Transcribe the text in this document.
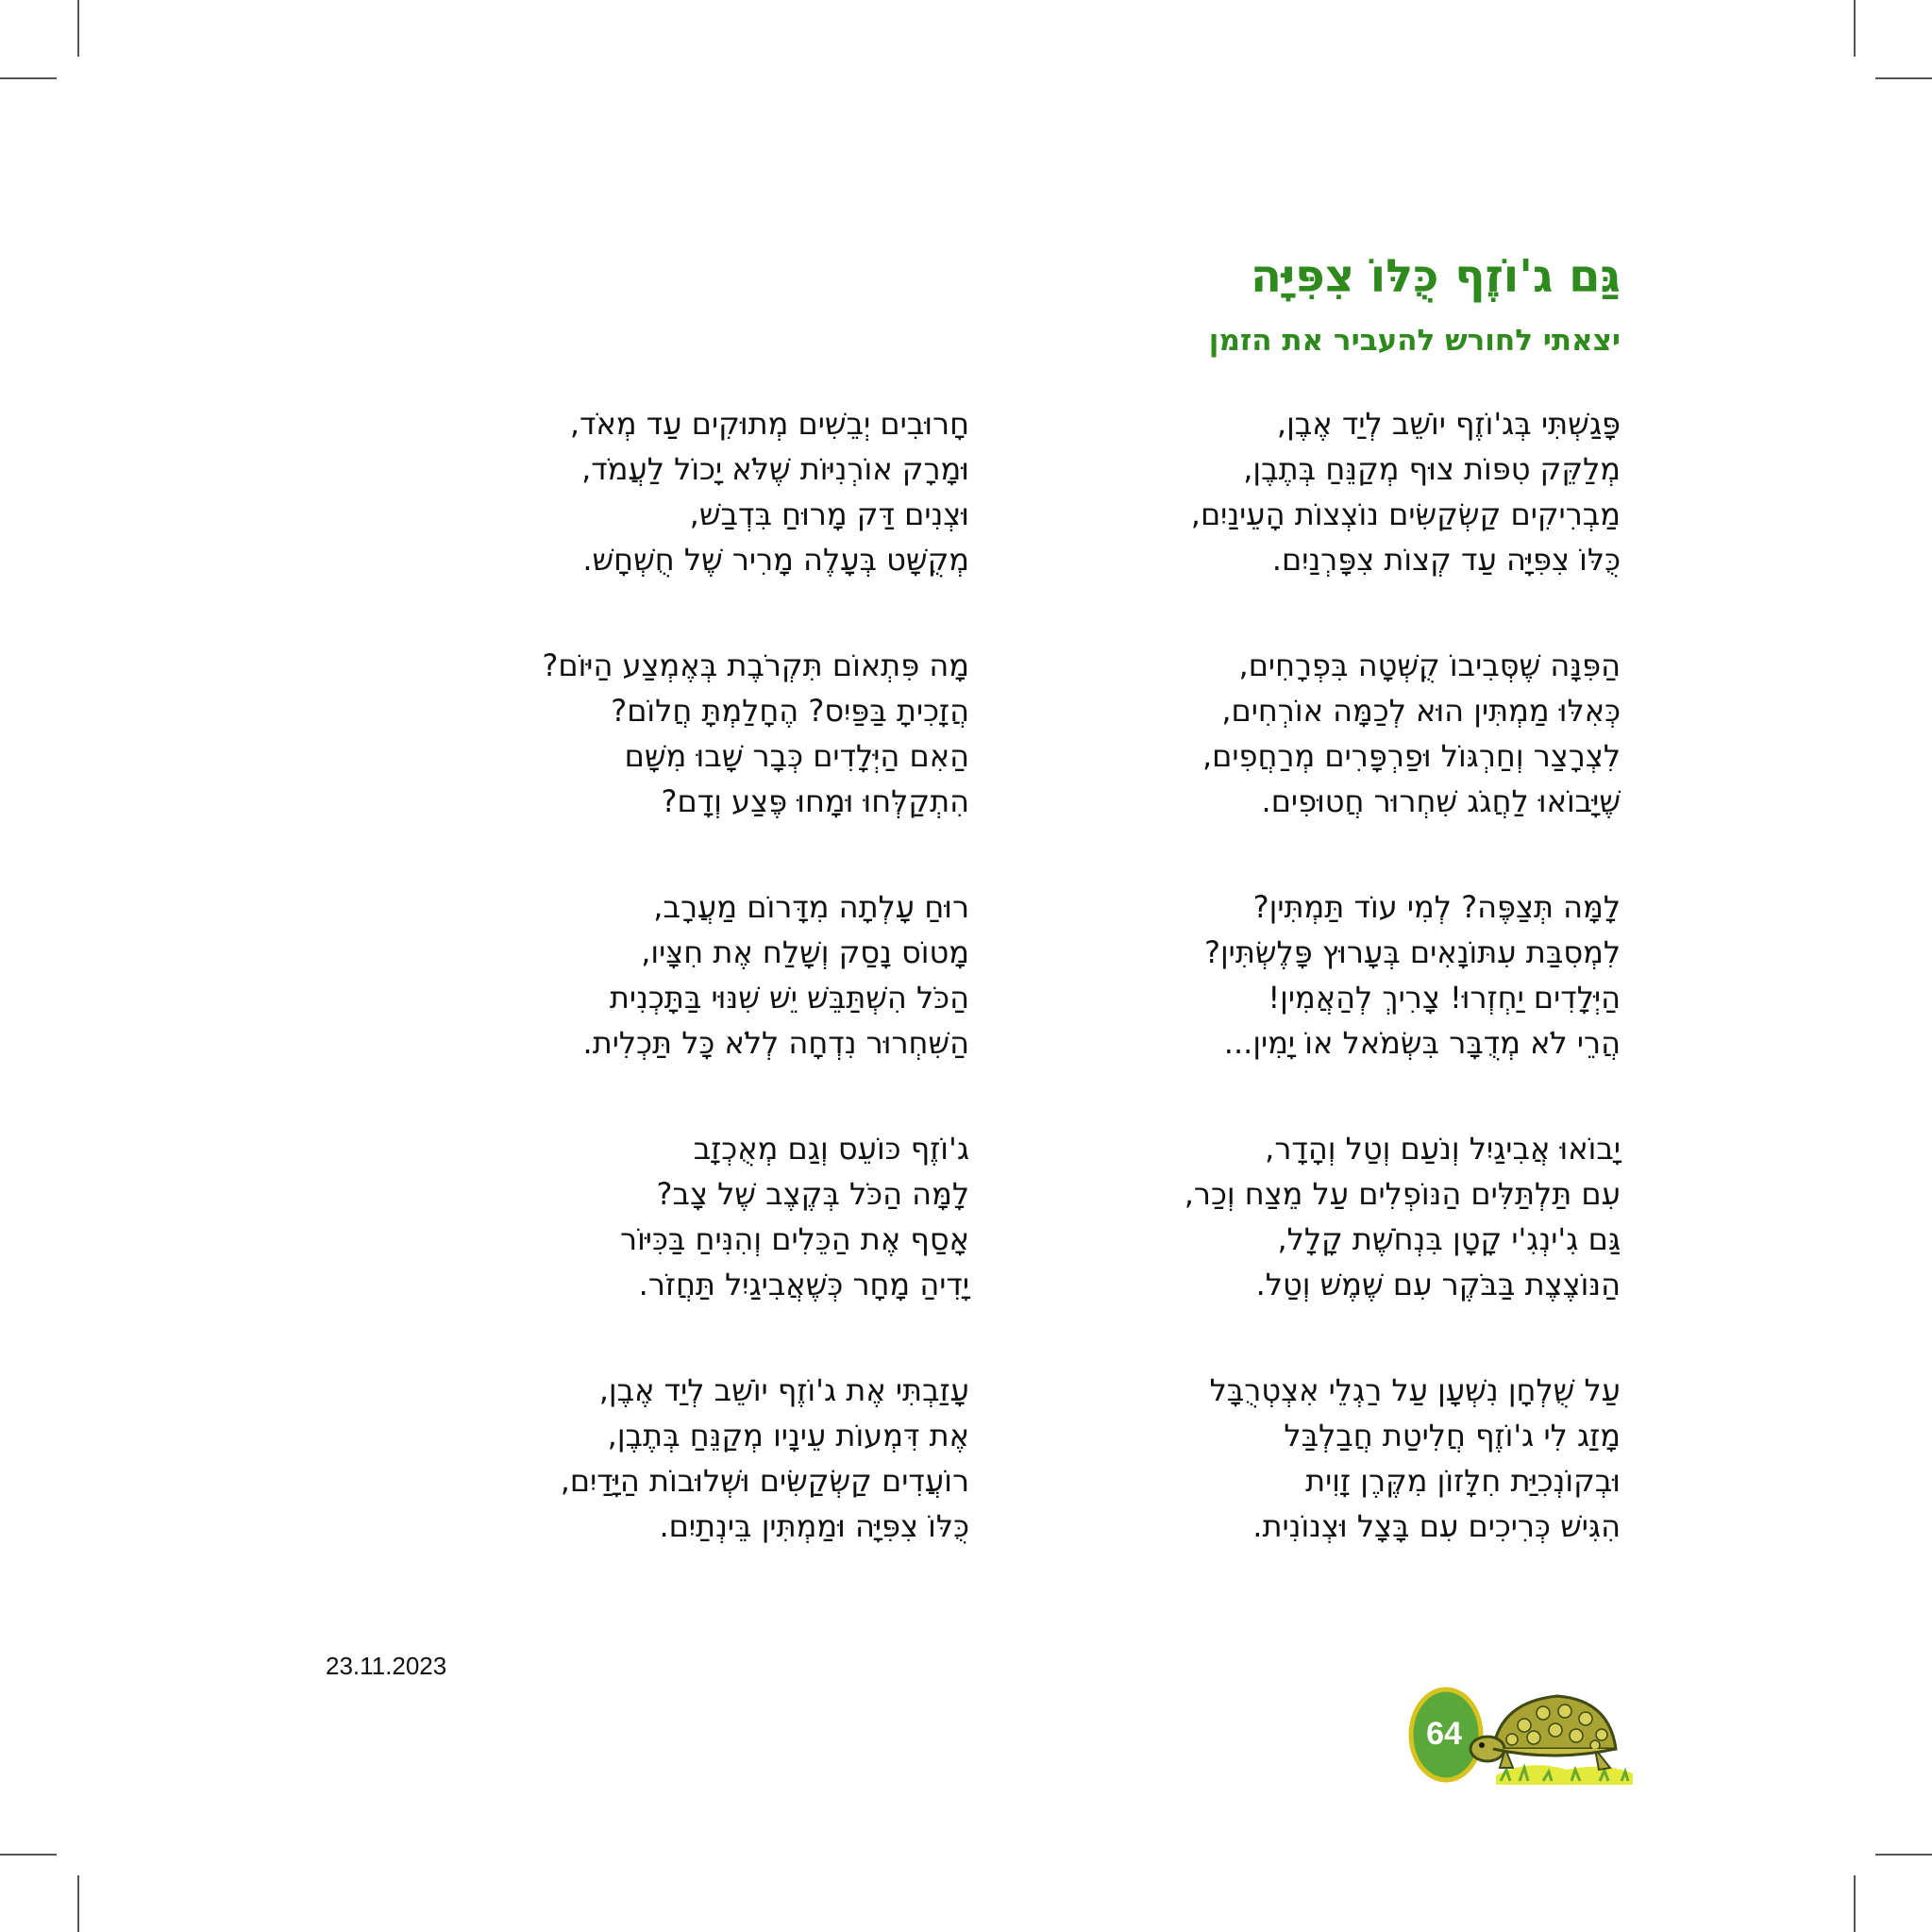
גַּם ג'וֹזֶף כֻּלּוֹ צִפִּיָּה
יצאתי לחורש להעביר את הזמן
פָּגַשְׁתִּי בְּג'וֹזֶף יוֹשֵׁב לְיַד אֶבֶן,
מְלַקֵּק טִפּוֹת צוּף מְקַנֵּחַ בְּתֶבֶן,
מַבְרִיקִים קַשְׂקַשִּׂים נוֹצְצוֹת הָעֵינַיִם,
כֻּלּוֹ צִפִּיָּה עַד קְצוֹת צִפָּרְנַיִם.
הַפִּנָּה שֶׁסְּבִיבוֹ קֻשְּׁטָה בִּפְרָחִים,
כְּאִלּוּ מַמְתִּין הוּא לְכַמָּה אוֹרְחִים,
לִצְרָצַר וְחַרְגּוֹל וּפַרְפָּרִים מְרַחֲפִים,
שֶׁיָּבוֹאוּ לַחֲגֹג שִׁחְרוּר חֲטוּפִים.
לָמָּה תְּצַפֶּה? לְמִי עוֹד תַּמְתִּין?
לִמְסִבַּת עִתּוֹנָאִים בְּעָרוּץ פָּלֶשְׂתִּין?
הַיְּלָדִים יַחְזְרוּ! צָרִיךְ לְהַאֲמִין!
הֲרֵי לֹא מְדֻבָּר בִּשְׂמֹאל אוֹ יָמִין...
יָבוֹאוּ אֲבִיגַיִל וְנֹעַם וְטַל וְהָדָר,
עִם תַּלְתַּלִּים הַנּוֹפְלִים עַל מֵצַח וְכַר,
גַּם גִ'ינְגִ'י קָטָן בִּנְחֹשֶׁת קָלָל,
הַנּוֹצֶצֶת בַּבֹּקֶר עִם שֶׁמֶשׁ וְטַל.
עַל שֻׁלְחָן נִשְׁעָן עַל רַגְלֵי אִצְטְרֻבָּל
מָזַג לִי ג'וֹזֶף חֲלִיטַת חֲבַלְבַּל
וּבְקוֹנְכִיַּת חִלָּזוֹן מִקֶּרֶן זָוִית
הִגִּישׁ כְּרִיכִים עִם בָּצָל וּצְנוֹנִית.
חָרוּבִים יְבֵשִׁים מְתוּקִים עַד מְאֹד,
וּמָרָק אוֹרְנִיּוֹת שֶׁלֹּא יָכוֹל לַעֲמֹד,
וּצְנִים דַּק מָרוּחַ בִּדְבַשׁ,
מְקֻשָּׁט בְּעָלֶה מָרִיר שֶׁל חֻשְׁחָשׁ.
מָה פִּתְאוֹם תִּקְרֹבֶת בְּאֶמְצַע הַיּוֹם?
הֲזָכִיתָ בַּפַּיִס? הֶחָלַמְתָּ חֲלוֹם?
הַאִם הַיְּלָדִים כְּבָר שָׁבוּ מִשָּׁם
הִתְקַלְּחוּ וּמָחוּ פֶּצַע וְדָם?
רוּחַ עָלְתָה מִדָּרוֹם מַעֲרָב,
מָטוֹס נָסַק וְשָׁלַח אֶת חִצָּיו,
הַכֹּל הִשְׁתַּבֵּשׁ יֵשׁ שִׁנּוּי בַּתָּכְנִית
הַשִּׁחְרוּר נִדְחָה לְלֹא כָּל תַּכְלִית.
ג'וֹזֶף כּוֹעֵס וְגַם מְאֻכְזָב
לָמָּה הַכֹּל בְּקֶצֶב שֶׁל צָב?
אָסַף אֶת הַכֵּלִים וְהִנִּיחַ בַּכִּיּוֹר
יָדִיהַ מָחָר כְּשֶׁאֲבִיגַיִל תַּחֲזֹר.
עָזַבְתִּי אֶת ג'וֹזֶף יוֹשֵׁב לְיַד אֶבֶן,
אֶת דִּמְעוֹת עֵינָיו מְקַנֵּחַ בְּתֶבֶן,
רוֹעֲדִים קַשְׂקַשִּׂים וּשְׁלוּבוֹת הַיָּדַיִם,
כֻּלּוֹ צִפִּיָּה וּמַמְתִּין בֵּינְתַיִם.
23.11.2023
64
